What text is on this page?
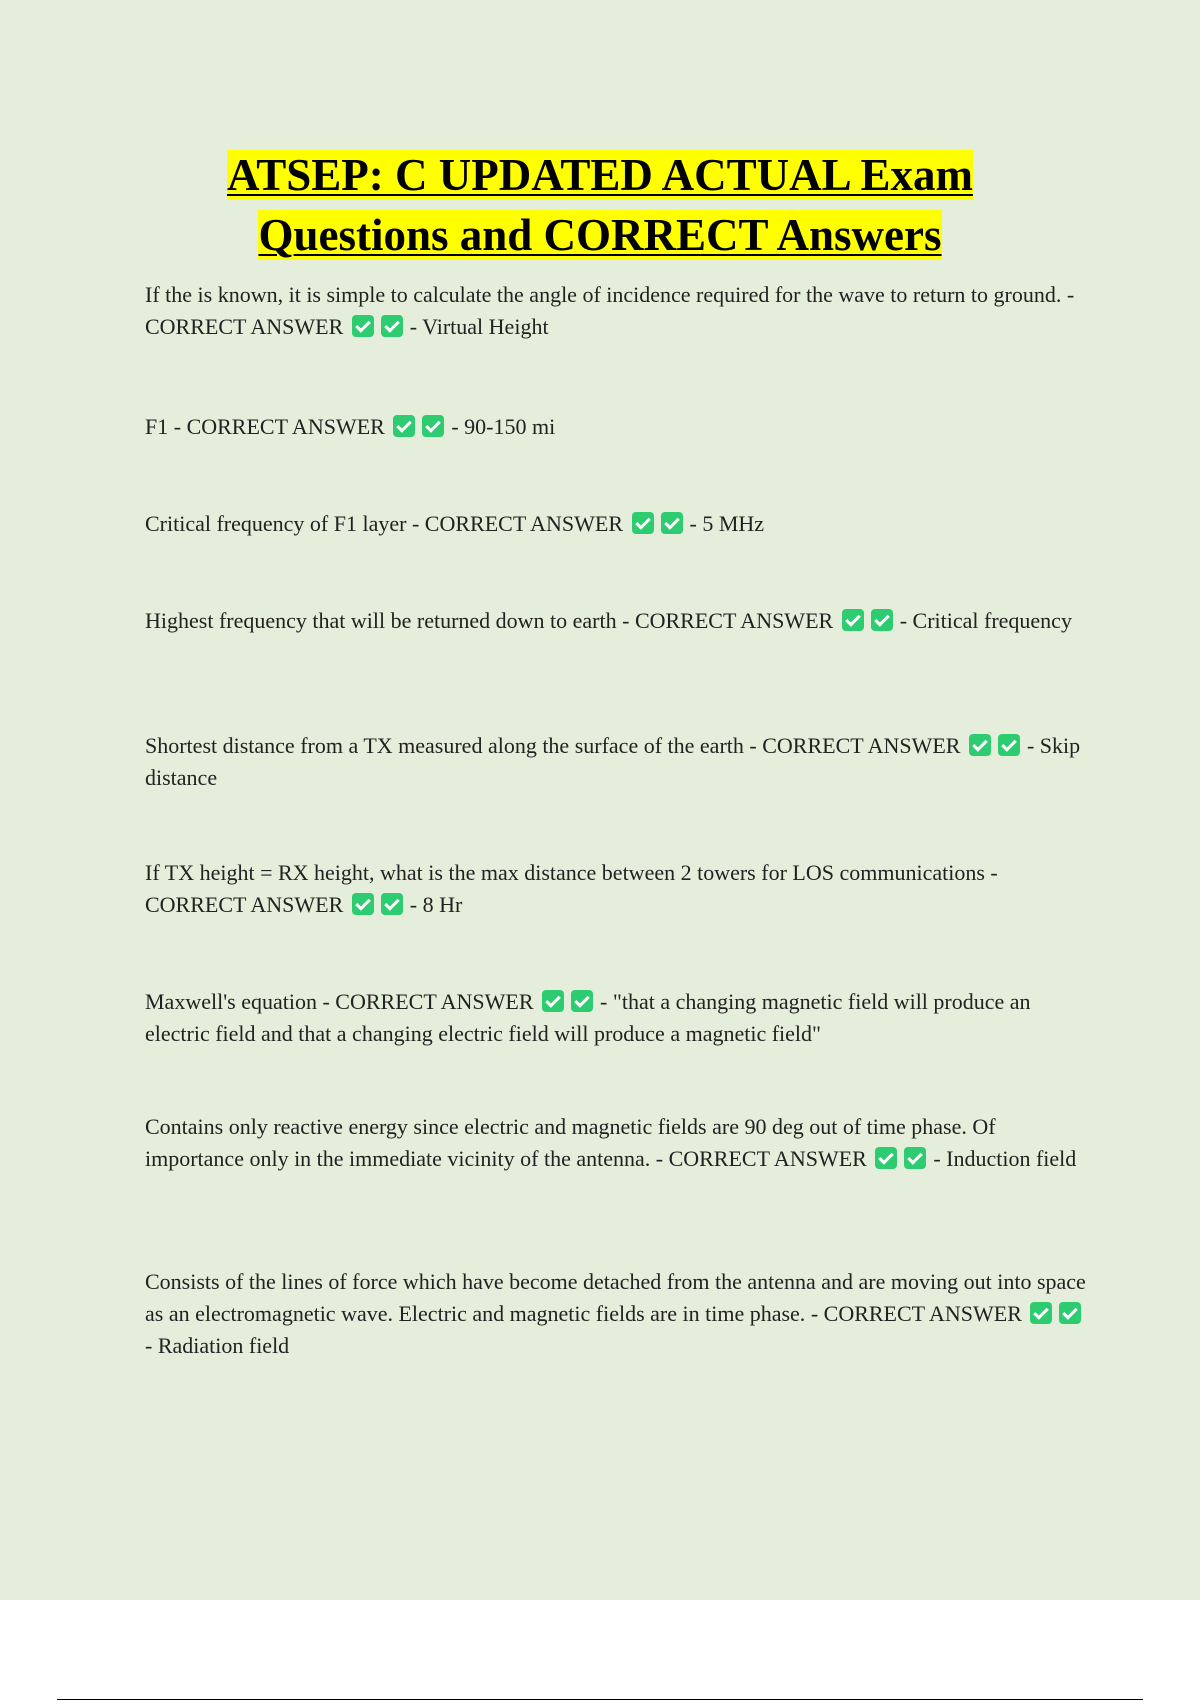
ATSEP: C UPDATED ACTUAL Exam
Questions and CORRECT Answers

If the is known, it is simple to calculate the angle of incidence required for the wave to return to ground. - CORRECT ANSWER	- Virtual Height

F1 - CORRECT ANSWER	- 90-150 mi

Critical frequency of F1 layer - CORRECT ANSWER	- 5 MHz

Highest frequency that will be returned down to earth - CORRECT ANSWER	- Critical frequency

Shortest distance from a TX measured along the surface of the earth - CORRECT ANSWER	- Skip distance

If TX height = RX height, what is the max distance between 2 towers for LOS communications - CORRECT ANSWER	- 8 Hr

Maxwell's equation - CORRECT ANSWER	- "that a changing magnetic field will produce an electric field and that a changing electric field will produce a magnetic field"

Contains only reactive energy since electric and magnetic fields are 90 deg out of time phase. Of importance only in the immediate vicinity of the antenna. - CORRECT ANSWER	- Induction field

Consists of the lines of force which have become detached from the antenna and are moving out into space as an electromagnetic wave. Electric and magnetic fields are in time phase. - CORRECT ANSWER - Radiation field
